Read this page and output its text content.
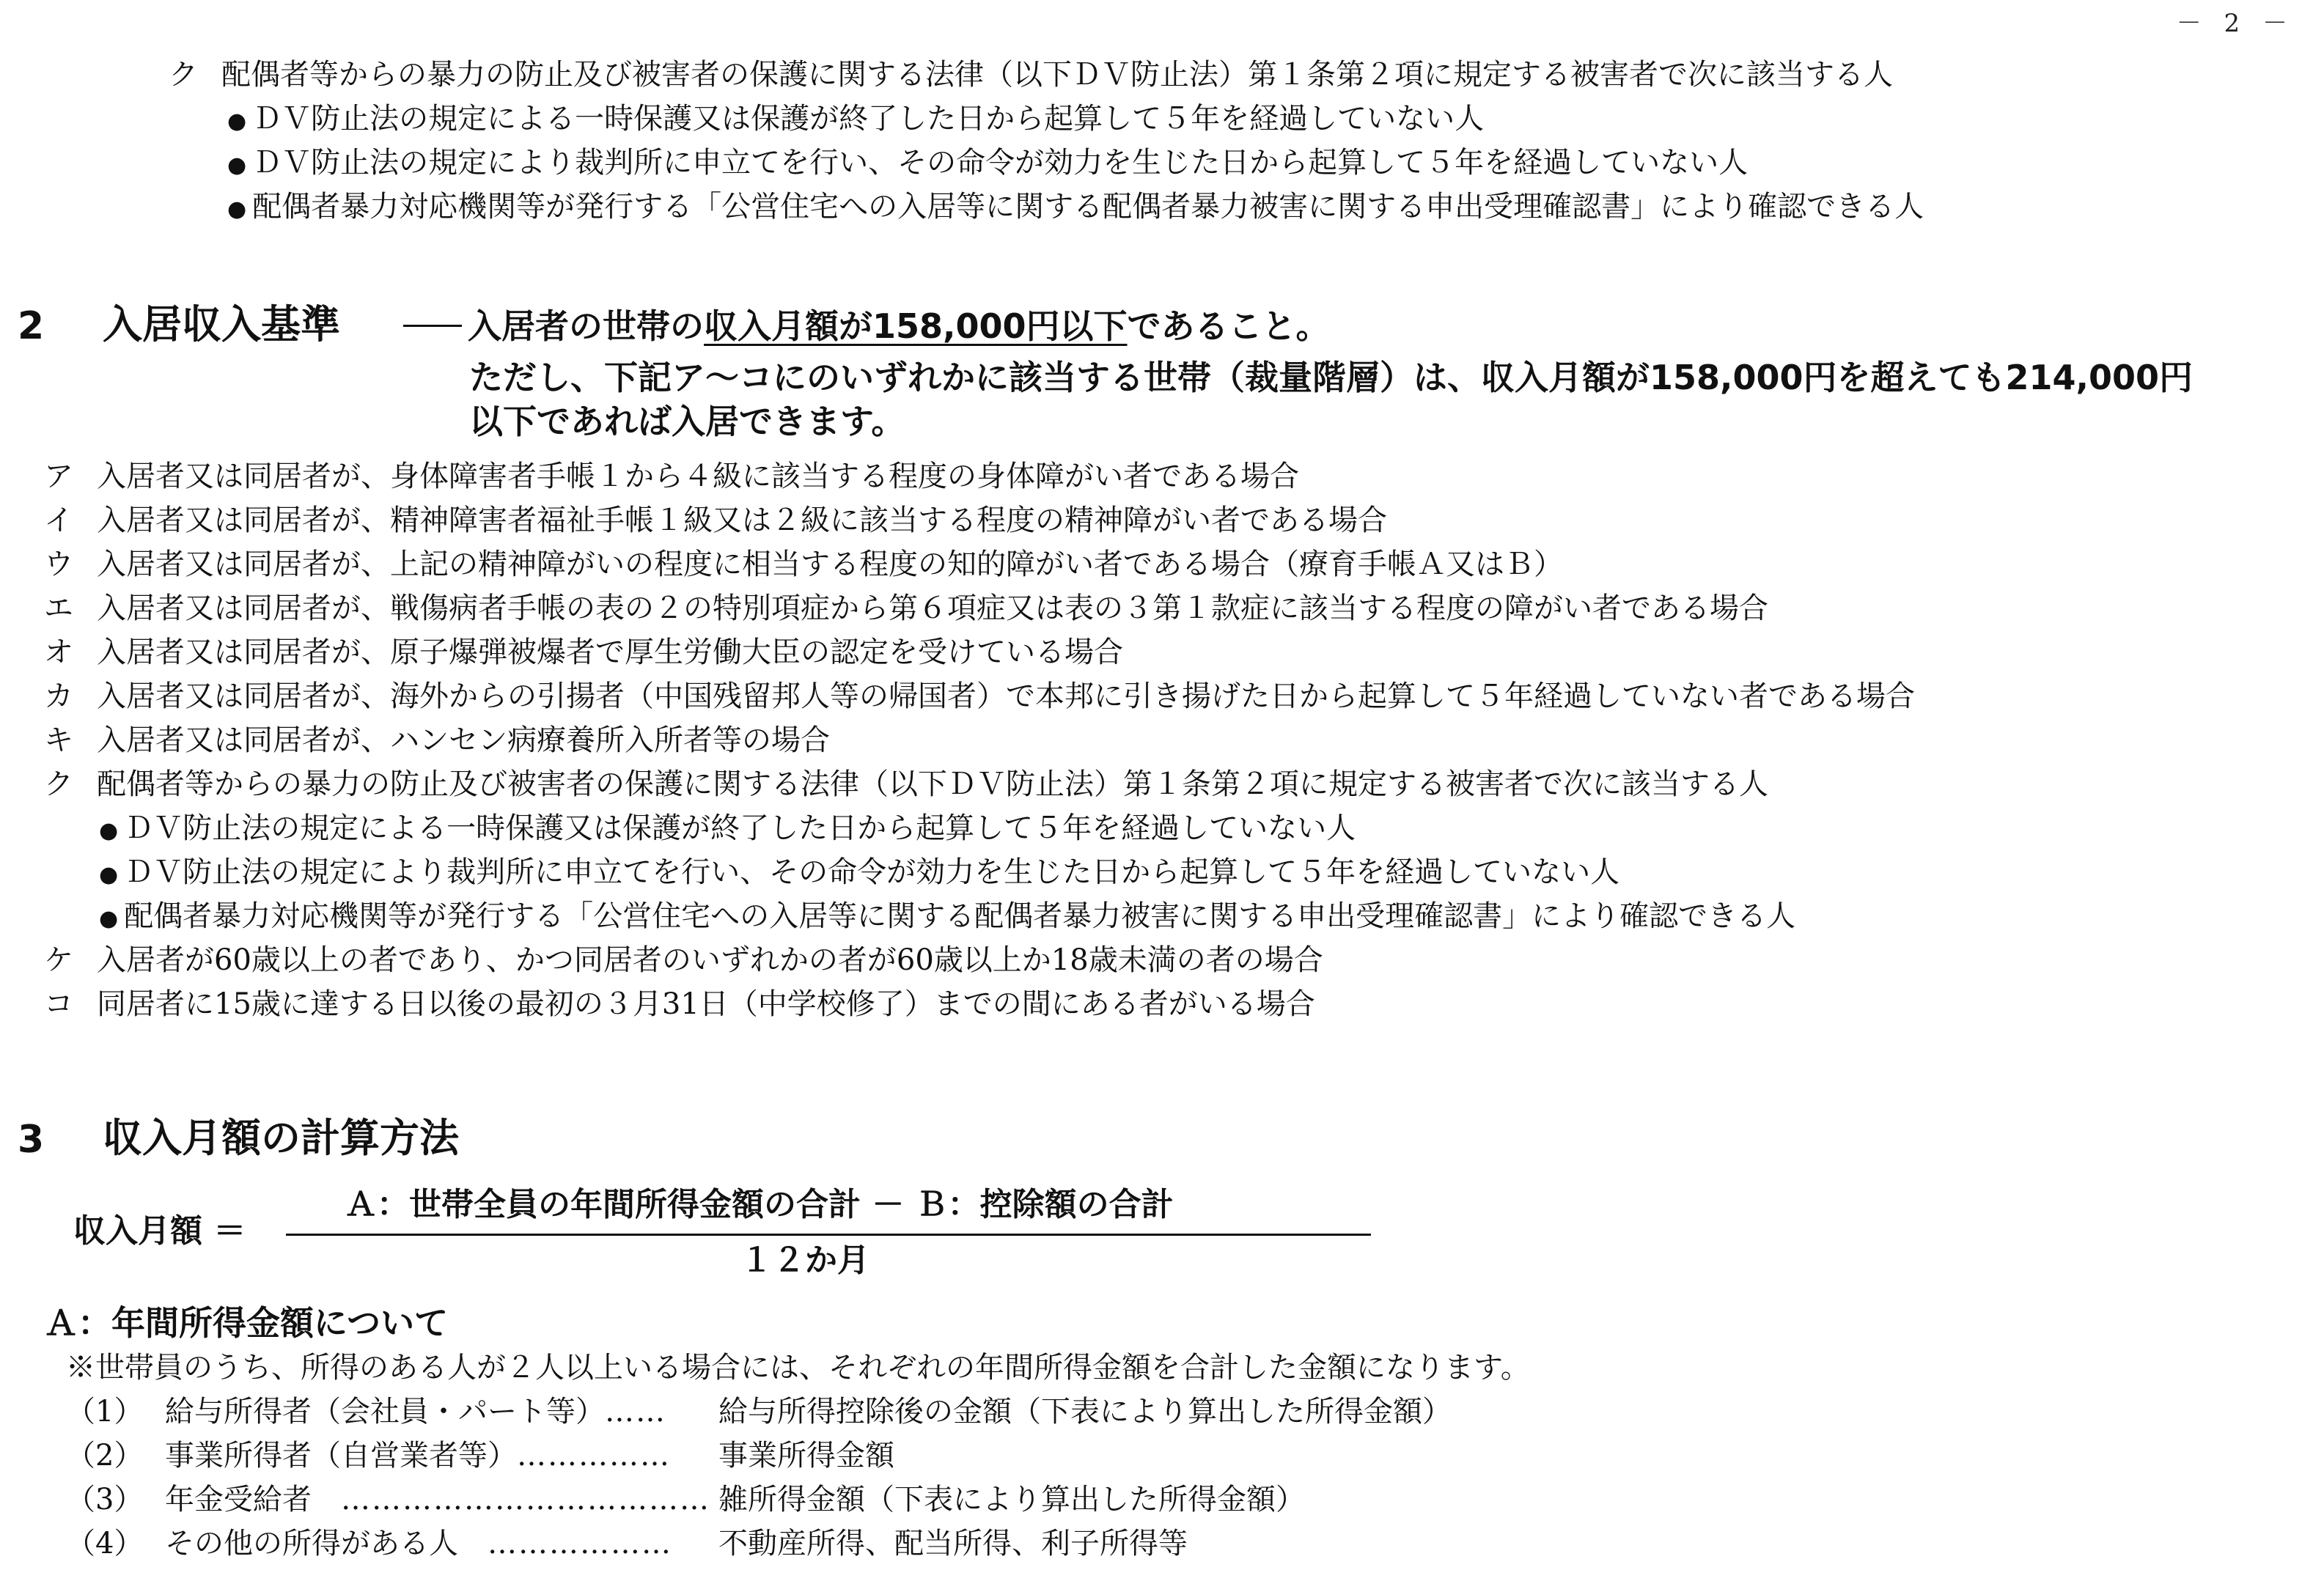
－ 2 －
ク 配偶者等からの暴力の防止及び被害者の保護に関する法律（以下ＤＶ防止法）第１条第２項に規定する被害者で次に該当する人
● ＤＶ防止法の規定による一時保護又は保護が終了した日から起算して５年を経過していない人
● ＤＶ防止法の規定により裁判所に申立てを行い、その命令が効力を生じた日から起算して５年を経過していない人
● 配偶者暴力対応機関等が発行する「公営住宅への入居等に関する配偶者暴力被害に関する申出受理確認書」により確認できる人
2 入居収入基準	入居者の世帯の収入月額が158,000円以下であること。
ただし、下記ア～コにのいずれかに該当する世帯（裁量階層）は、収入月額が158,000円を超えても214,000円
以下であれば入居できます。
ア 入居者又は同居者が、身体障害者手帳１から４級に該当する程度の身体障がい者である場合
イ 入居者又は同居者が、精神障害者福祉手帳１級又は２級に該当する程度の精神障がい者である場合
ウ 入居者又は同居者が、上記の精神障がいの程度に相当する程度の知的障がい者である場合（療育手帳Ａ又はＢ）
エ 入居者又は同居者が、戦傷病者手帳の表の２の特別項症から第６項症又は表の３第１款症に該当する程度の障がい者である場合
オ 入居者又は同居者が、原子爆弾被爆者で厚生労働大臣の認定を受けている場合
カ 入居者又は同居者が、海外からの引揚者（中国残留邦人等の帰国者）で本邦に引き揚げた日から起算して５年経過していない者である場合
キ 入居者又は同居者が、ハンセン病療養所入所者等の場合
ク 配偶者等からの暴力の防止及び被害者の保護に関する法律（以下ＤＶ防止法）第１条第２項に規定する被害者で次に該当する人
● ＤＶ防止法の規定による一時保護又は保護が終了した日から起算して５年を経過していない人
● ＤＶ防止法の規定により裁判所に申立てを行い、その命令が効力を生じた日から起算して５年を経過していない人
● 配偶者暴力対応機関等が発行する「公営住宅への入居等に関する配偶者暴力被害に関する申出受理確認書」により確認できる人
ケ 入居者が60歳以上の者であり、かつ同居者のいずれかの者が60歳以上か18歳未満の者の場合
コ 同居者に15歳に達する日以後の最初の３月31日（中学校修了）までの間にある者がいる場合
3 収入月額の計算方法
収入月額 ＝
Ａ：世帯全員の年間所得金額の合計 － Ｂ：控除額の合計
１２か月
Ａ：年間所得金額について
※世帯員のうち、所得のある人が２人以上いる場合には、それぞれの年間所得金額を合計した金額になります。
（1） 給与所得者（会社員・パート等）…… 給与所得控除後の金額（下表により算出した所得金額）
（2） 事業所得者（自営業者等）…………… 事業所得金額
（3） 年金受給者 ……………………………… 雑所得金額（下表により算出した所得金額）
（4） その他の所得がある人 ……………… 不動産所得、配当所得、利子所得等
